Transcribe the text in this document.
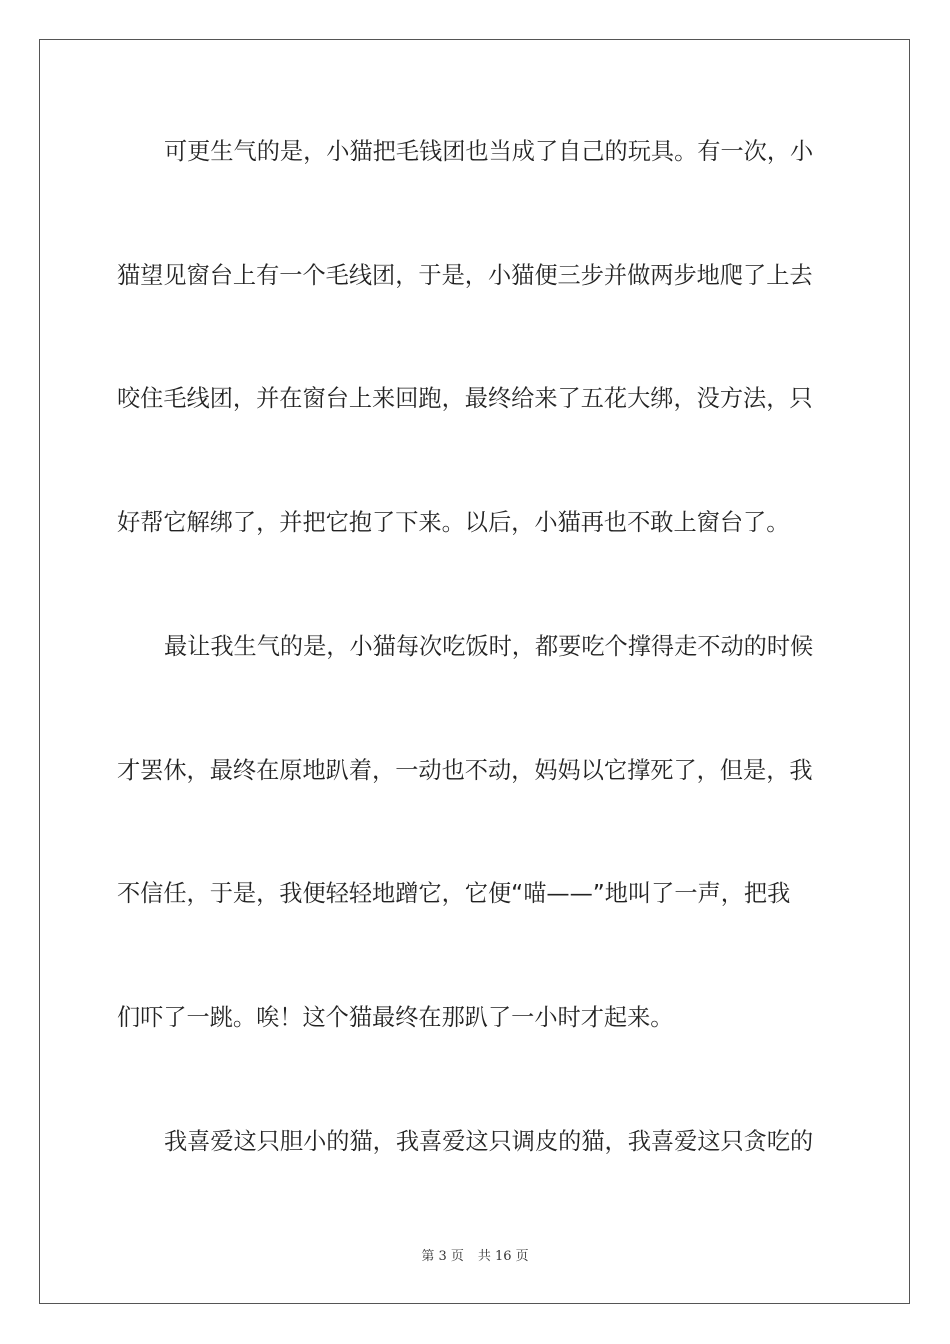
可更生气的是，小猫把毛钱团也当成了自己的玩具。有一次，小
猫望见窗台上有一个毛线团，于是，小猫便三步并做两步地爬了上去
咬住毛线团，并在窗台上来回跑，最终给来了五花大绑，没方法，只
好帮它解绑了，并把它抱了下来。以后，小猫再也不敢上窗台了。
最让我生气的是，小猫每次吃饭时，都要吃个撑得走不动的时候
才罢休，最终在原地趴着，一动也不动，妈妈以它撑死了，但是，我
不信任，于是，我便轻轻地蹭它，它便“喵——”地叫了一声，把我
们吓了一跳。唉！这个猫最终在那趴了一小时才起来。
我喜爱这只胆小的猫，我喜爱这只调皮的猫，我喜爱这只贪吃的
第 3 页 共 16 页
